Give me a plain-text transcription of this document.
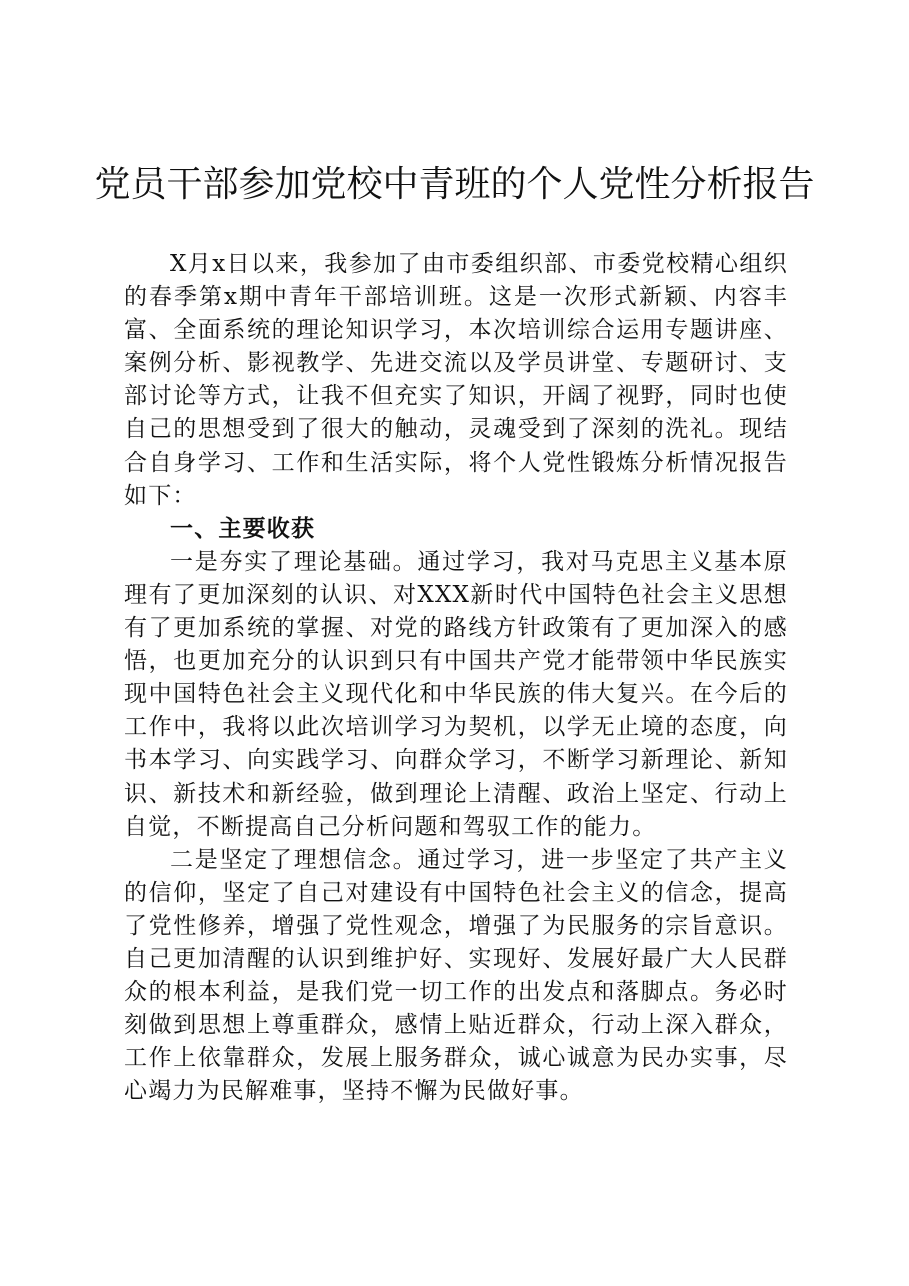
党员干部参加党校中青班的个人党性分析报告

X月x日以来，我参加了由市委组织部、市委党校精心组织的春季第x期中青年干部培训班。这是一次形式新颖、内容丰富、全面系统的理论知识学习，本次培训综合运用专题讲座、案例分析、影视教学、先进交流以及学员讲堂、专题研讨、支部讨论等方式，让我不但充实了知识，开阔了视野，同时也使自己的思想受到了很大的触动，灵魂受到了深刻的洗礼。现结合自身学习、工作和生活实际，将个人党性锻炼分析情况报告如下：

一、主要收获

一是夯实了理论基础。通过学习，我对马克思主义基本原理有了更加深刻的认识、对XXX新时代中国特色社会主义思想有了更加系统的掌握、对党的路线方针政策有了更加深入的感悟，也更加充分的认识到只有中国共产党才能带领中华民族实现中国特色社会主义现代化和中华民族的伟大复兴。在今后的工作中，我将以此次培训学习为契机，以学无止境的态度，向书本学习、向实践学习、向群众学习，不断学习新理论、新知识、新技术和新经验，做到理论上清醒、政治上坚定、行动上自觉，不断提高自己分析问题和驾驭工作的能力。

二是坚定了理想信念。通过学习，进一步坚定了共产主义的信仰，坚定了自己对建设有中国特色社会主义的信念，提高了党性修养，增强了党性观念，增强了为民服务的宗旨意识。自己更加清醒的认识到维护好、实现好、发展好最广大人民群众的根本利益，是我们党一切工作的出发点和落脚点。务必时刻做到思想上尊重群众，感情上贴近群众，行动上深入群众，工作上依靠群众，发展上服务群众，诚心诚意为民办实事，尽心竭力为民解难事，坚持不懈为民做好事。
